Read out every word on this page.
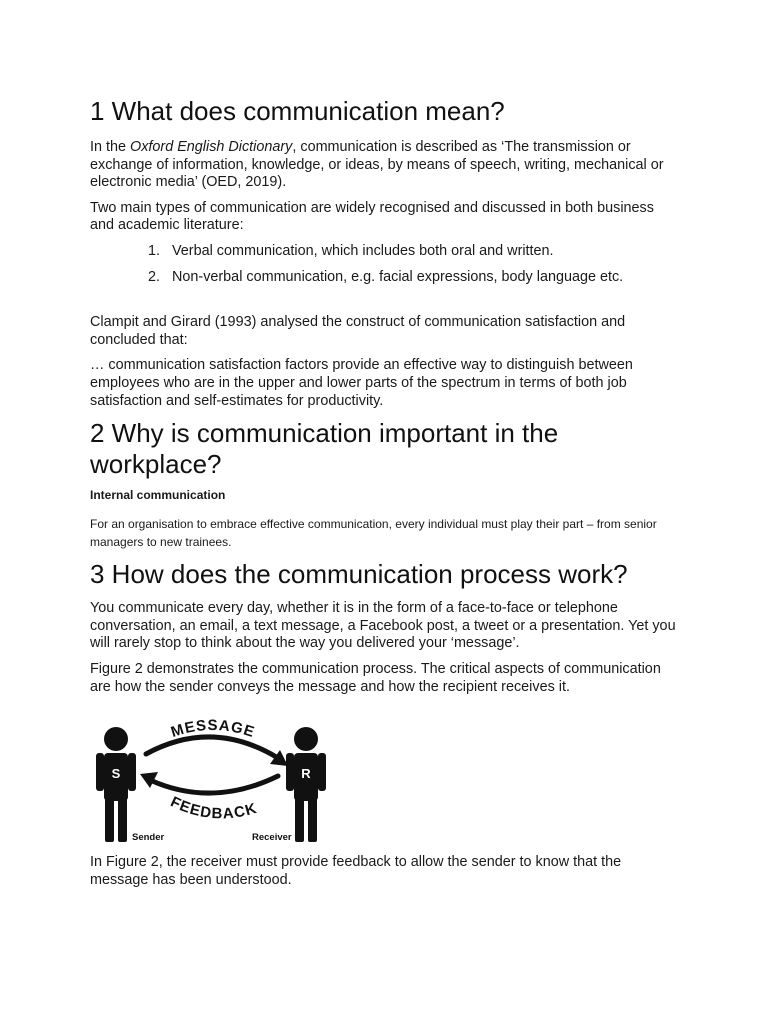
1 What does communication mean?

In the Oxford English Dictionary, communication is described as ‘The transmission or exchange of information, knowledge, or ideas, by means of speech, writing, mechanical or electronic media’ (OED, 2019).

Two main types of communication are widely recognised and discussed in both business and academic literature:

1. Verbal communication, which includes both oral and written.
2. Non-verbal communication, e.g. facial expressions, body language etc.

Clampit and Girard (1993) analysed the construct of communication satisfaction and concluded that:

… communication satisfaction factors provide an effective way to distinguish between employees who are in the upper and lower parts of the spectrum in terms of both job satisfaction and self-estimates for productivity.

2 Why is communication important in the workplace?

Internal communication

For an organisation to embrace effective communication, every individual must play their part – from senior managers to new trainees.

3 How does the communication process work?

You communicate every day, whether it is in the form of a face-to-face or telephone conversation, an email, a text message, a Facebook post, a tweet or a presentation. Yet you will rarely stop to think about the way you delivered your ‘message’.

Figure 2 demonstrates the communication process. The critical aspects of communication are how the sender conveys the message and how the recipient receives it.

S	R
MESSAGE
FEEDBACK
Sender	Receiver

In Figure 2, the receiver must provide feedback to allow the sender to know that the message has been understood.
